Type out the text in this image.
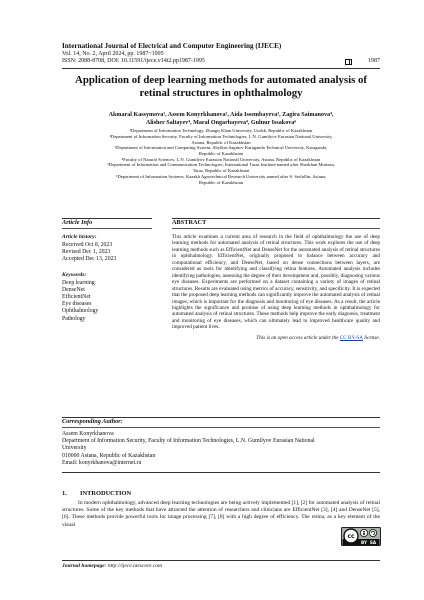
International Journal of Electrical and Computer Engineering (IJECE)
Vol. 14, No. 2, April 2024, pp. 1987~1995
ISSN: 2088-8708, DOI: 10.11591/ijece.v14i2.pp1987-1995	1987
Application of deep learning methods for automated analysis of retinal structures in ophthalmology
Akmaral Kassymova¹, Assem Konyrkhanova², Aida Issembayeva³, Zagira Saimanova⁴,
Alisher Saltayev⁴, Maral Ongarbayeva⁴, Gulnur Issakova⁶
¹Department of Information Technology, Zhangir Khan University, Uralsk, Republic of Kazakhstan
²Department of Information Security, Faculty of Information Technologies, L.N. Gumilyov Eurasian National University,
Astana, Republic of Kazakhstan
³Department of Information and Computing System, Abylkas Saginov Karaganda Technical University, Karaganda,
Republic of Kazakhstan
⁴Faculty of Natural Sciences, L.N. Gumilyov Eurasian National University, Astana, Republic of Kazakhstan
⁵Department of Information and Communication Technologies, International Taraz Institute named after Sherkhan Murtaza,
Taraz, Republic of Kazakhstan
⁶Department of Information Systems, Kazakh Agrotechnical Research University named after S. Seifullin, Astana,
Republic of Kazakhstan
Article Info
Article history:
Received Oct 8, 2023
Revised Dec 1, 2023
Accepted Dec 13, 2023
Keywords:
Deep learning
DenseNet
EfficientNet
Eye diseases
Ophthalmology
Pathology
ABSTRACT
This article examines a current area of research in the field of ophthalmology the use of deep learning methods for automated analysis of retinal structures. This work explores the use of deep learning methods such as EfficientNet and DenseNet for the automated analysis of retinal structures in ophthalmology. EfficientNet, originally proposed to balance between accuracy and computational efficiency, and DenseNet, based on dense connections between layers, are considered as tools for identifying and classifying retina features. Automated analysis includes identifying pathologies, assessing the degree of their development and, possibly, diagnosing various eye diseases. Experiments are performed on a dataset containing a variety of images of retinal structures. Results are evaluated using metrics of accuracy, sensitivity, and specificity. It is expected that the proposed deep learning methods can significantly improve the automated analysis of retinal images, which is important for the diagnosis and monitoring of eye diseases. As a result, the article highlights the significance and promise of using deep learning methods in ophthalmology for automated analysis of retinal structures. These methods help improve the early diagnosis, treatment and monitoring of eye diseases, which can ultimately lead to improved healthcare quality and improved patient lives.
This is an open access article under the CC BY-SA license.
cc
BY SA
Corresponding Author:
Assem Konyrkhanova
Department of Information Security, Faculty of Information Technologies, L.N. Gumilyov Eurasian National
University
010000 Astana, Republic of Kazakhstan
Email: konyrkhanova@internet.ru
1. INTRODUCTION
In modern ophthalmology, advanced deep learning technologies are being actively implemented [1], [2] for automated analysis of retinal structures. Some of the key methods that have attracted the attention of researchers and clinicians are EfficientNet [3], [4] and DenseNet [5], [6]. These methods provide powerful tools for image processing [7], [8] with a high degree of efficiency. The retina, as a key element of the visual
Journal homepage: http://ijece.iaescore.com
